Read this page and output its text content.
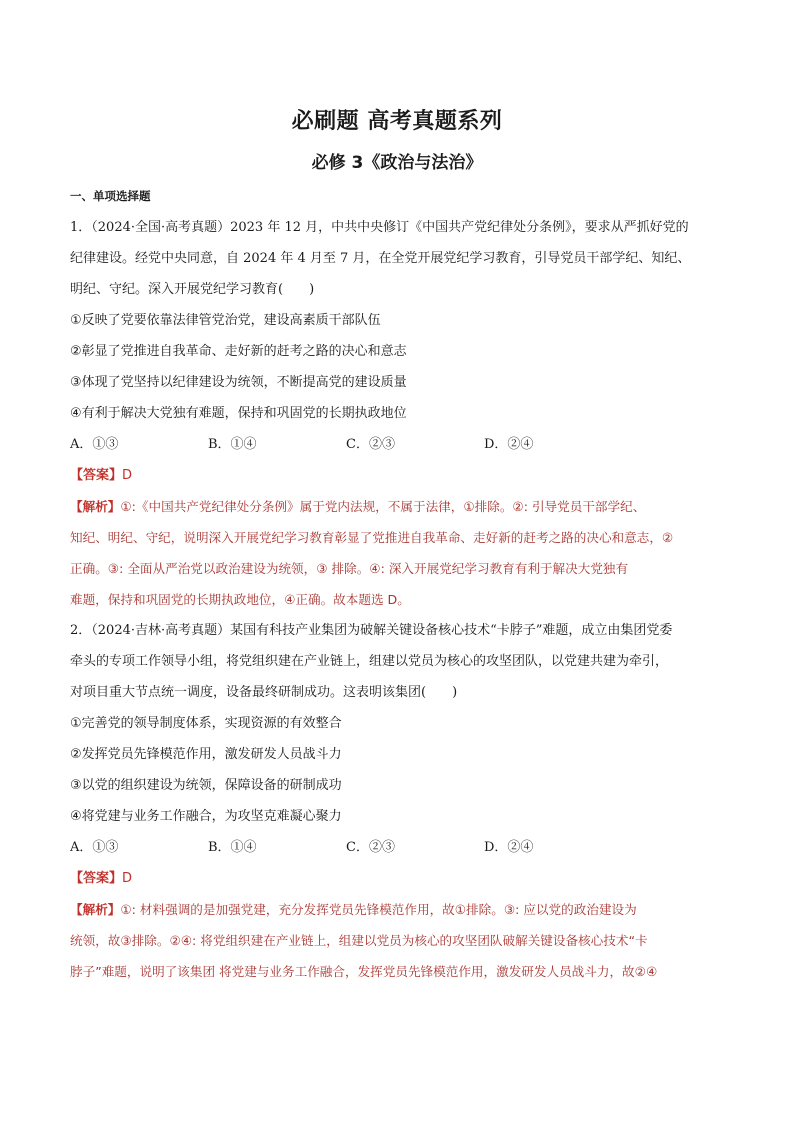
必刷题 高考真题系列
必修 3《政治与法治》
一、单项选择题
1．（2024·全国·高考真题）2023 年 12 月，中共中央修订《中国共产党纪律处分条例》，要求从严抓好党的
纪律建设。经党中央同意，自 2024 年 4 月至 7 月，在全党开展党纪学习教育，引导党员干部学纪、知纪、
明纪、守纪。深入开展党纪学习教育(　　)
①反映了党要依靠法律管党治党，建设高素质干部队伍
②彰显了党推进自我革命、走好新的赶考之路的决心和意志
③体现了党坚持以纪律建设为统领，不断提高党的建设质量
④有利于解决大党独有难题，保持和巩固党的长期执政地位
A．①③	B．①④	C．②③	D．②④
【答案】D
【解析】①:《中国共产党纪律处分条例》属于党内法规，不属于法律，①排除。②: 引导党员干部学纪、
知纪、明纪、守纪，说明深入开展党纪学习教育彰显了党推进自我革命、走好新的赶考之路的决心和意志，②
正确。③: 全面从严治党以政治建设为统领，③ 排除。④: 深入开展党纪学习教育有利于解决大党独有
难题，保持和巩固党的长期执政地位，④正确。故本题选 D。
2．（2024·吉林·高考真题）某国有科技产业集团为破解关键设备核心技术“卡脖子”难题，成立由集团党委
牵头的专项工作领导小组，将党组织建在产业链上，组建以党员为核心的攻坚团队，以党建共建为牵引，
对项目重大节点统一调度，设备最终研制成功。这表明该集团(　　)
①完善党的领导制度体系，实现资源的有效整合
②发挥党员先锋模范作用，激发研发人员战斗力
③以党的组织建设为统领，保障设备的研制成功
④将党建与业务工作融合，为攻坚克难凝心聚力
A．①③	B．①④	C．②③	D．②④
【答案】D
【解析】①: 材料强调的是加强党建，充分发挥党员先锋模范作用，故①排除。③: 应以党的政治建设为
统领，故③排除。②④: 将党组织建在产业链上，组建以党员为核心的攻坚团队破解关键设备核心技术“卡
脖子”难题，说明了该集团 将党建与业务工作融合，发挥党员先锋模范作用，激发研发人员战斗力，故②④
